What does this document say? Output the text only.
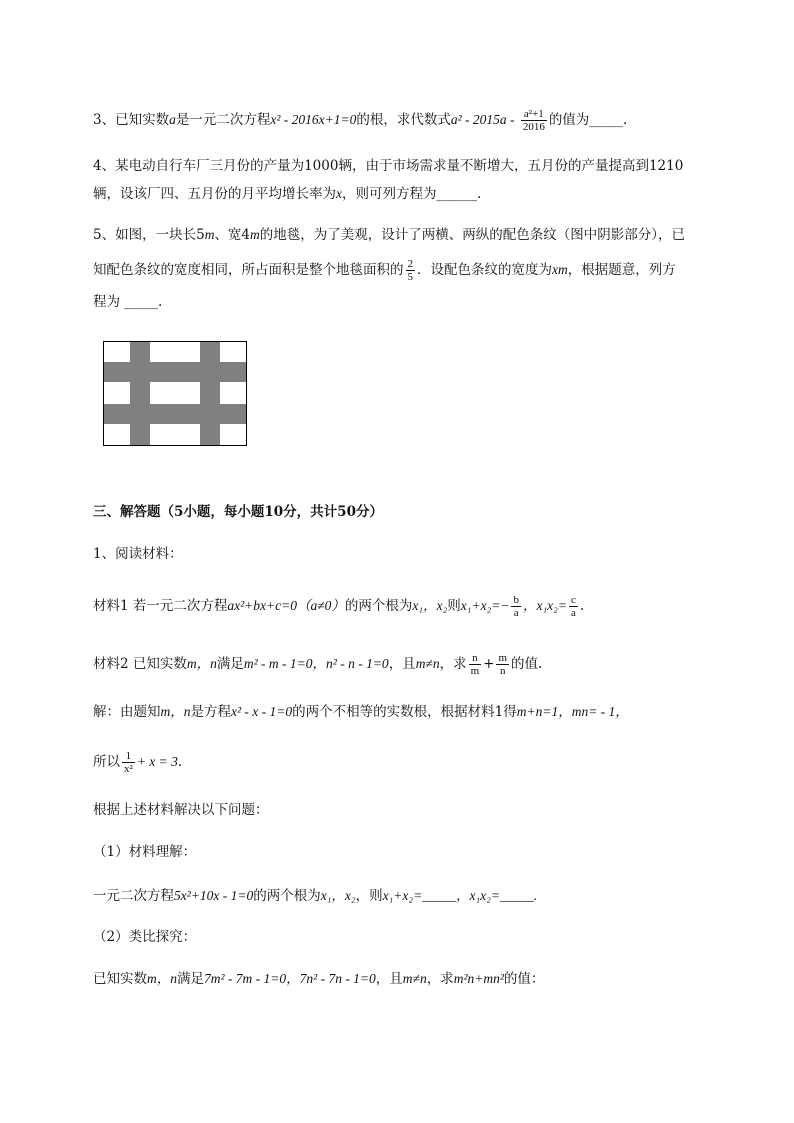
3、已知实数a是一元二次方程x² - 2016x+1=0的根，求代数式$a^2 - 2015a - \frac{\text{a²+1}}{2016}$ 的值为_____.
4、某电动自行车厂三月份的产量为1000辆，由于市场需求量不断增大，五月份的产量提高到1210
辆，设该厂四、五月份的月平均增长率为x，则可列方程为______.
5、如图，一块长5m、宽4m的地毯，为了美观，设计了两横、两纵的配色条纹（图中阴影部分），已
知配色条纹的宽度相同，所占面积是整个地毯面积的 $\frac{2}{5}$ ．设配色条纹的宽度为xm，根据题意，列方
程为 _____.
三、解答题（5小题，每小题10分，共计50分）
1、阅读材料：
材料1 若一元二次方程ax²+bx+c=0（a≠0）的两个根为x₁，x₂则$x_1+x_2=- \frac{b}{a}$ ，$x_1x_2= \frac{c}{a}$ .
材料2 已知实数m，n满足m² - m - 1=0，n² - n - 1=0，且m≠n，求 $\frac{n}{m} + \frac{m}{n}$ 的值.
解：由题知m，n是方程x² - x - 1=0的两个不相等的实数根，根据材料1得m+n=1，mn= - 1，
所以 $\frac{1}{\text{x²}} + x = 3$.
根据上述材料解决以下问题：
（1）材料理解：
一元二次方程5x²+10x - 1=0的两个根为x₁，x₂，则x₁+x₂=_____，x₁x₂=_____.
（2）类比探究：
已知实数m，n满足7m² - 7m - 1=0，7n² - 7n - 1=0，且m≠n，求m²n+mn²的值：
